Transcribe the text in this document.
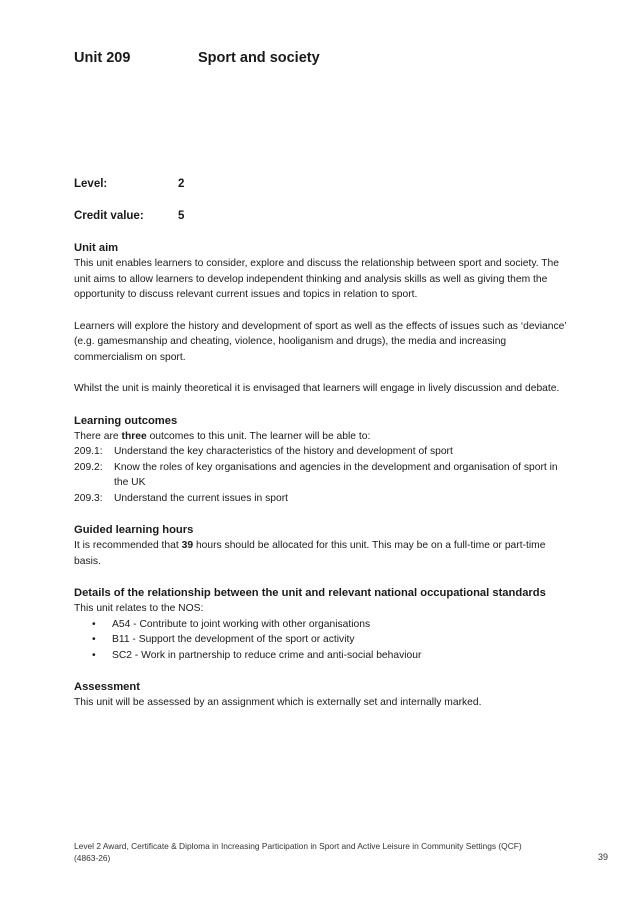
Unit 209	Sport and society
Level:	2
Credit value:	5
Unit aim

This unit enables learners to consider, explore and discuss the relationship between sport and society. The unit aims to allow learners to develop independent thinking and analysis skills as well as giving them the opportunity to discuss relevant current issues and topics in relation to sport.

Learners will explore the history and development of sport as well as the effects of issues such as ‘deviance’ (e.g. gamesmanship and cheating, violence, hooliganism and drugs), the media and increasing commercialism on sport.

Whilst the unit is mainly theoretical it is envisaged that learners will engage in lively discussion and debate.

Learning outcomes

There are three outcomes to this unit. The learner will be able to:

209.1:	Understand the key characteristics of the history and development of sport
209.2:	Know the roles of key organisations and agencies in the development and organisation of sport in the UK
209.3:	Understand the current issues in sport
Guided learning hours

It is recommended that 39 hours should be allocated for this unit. This may be on a full-time or part-time basis.

Details of the relationship between the unit and relevant national occupational standards

This unit relates to the NOS:

•	A54 - Contribute to joint working with other organisations
•	B11 - Support the development of the sport or activity
•	SC2 - Work in partnership to reduce crime and anti-social behaviour
Assessment

This unit will be assessed by an assignment which is externally set and internally marked.

Level 2 Award, Certificate & Diploma in Increasing Participation in Sport and Active Leisure in Community Settings (QCF)
(4863-26)	39
